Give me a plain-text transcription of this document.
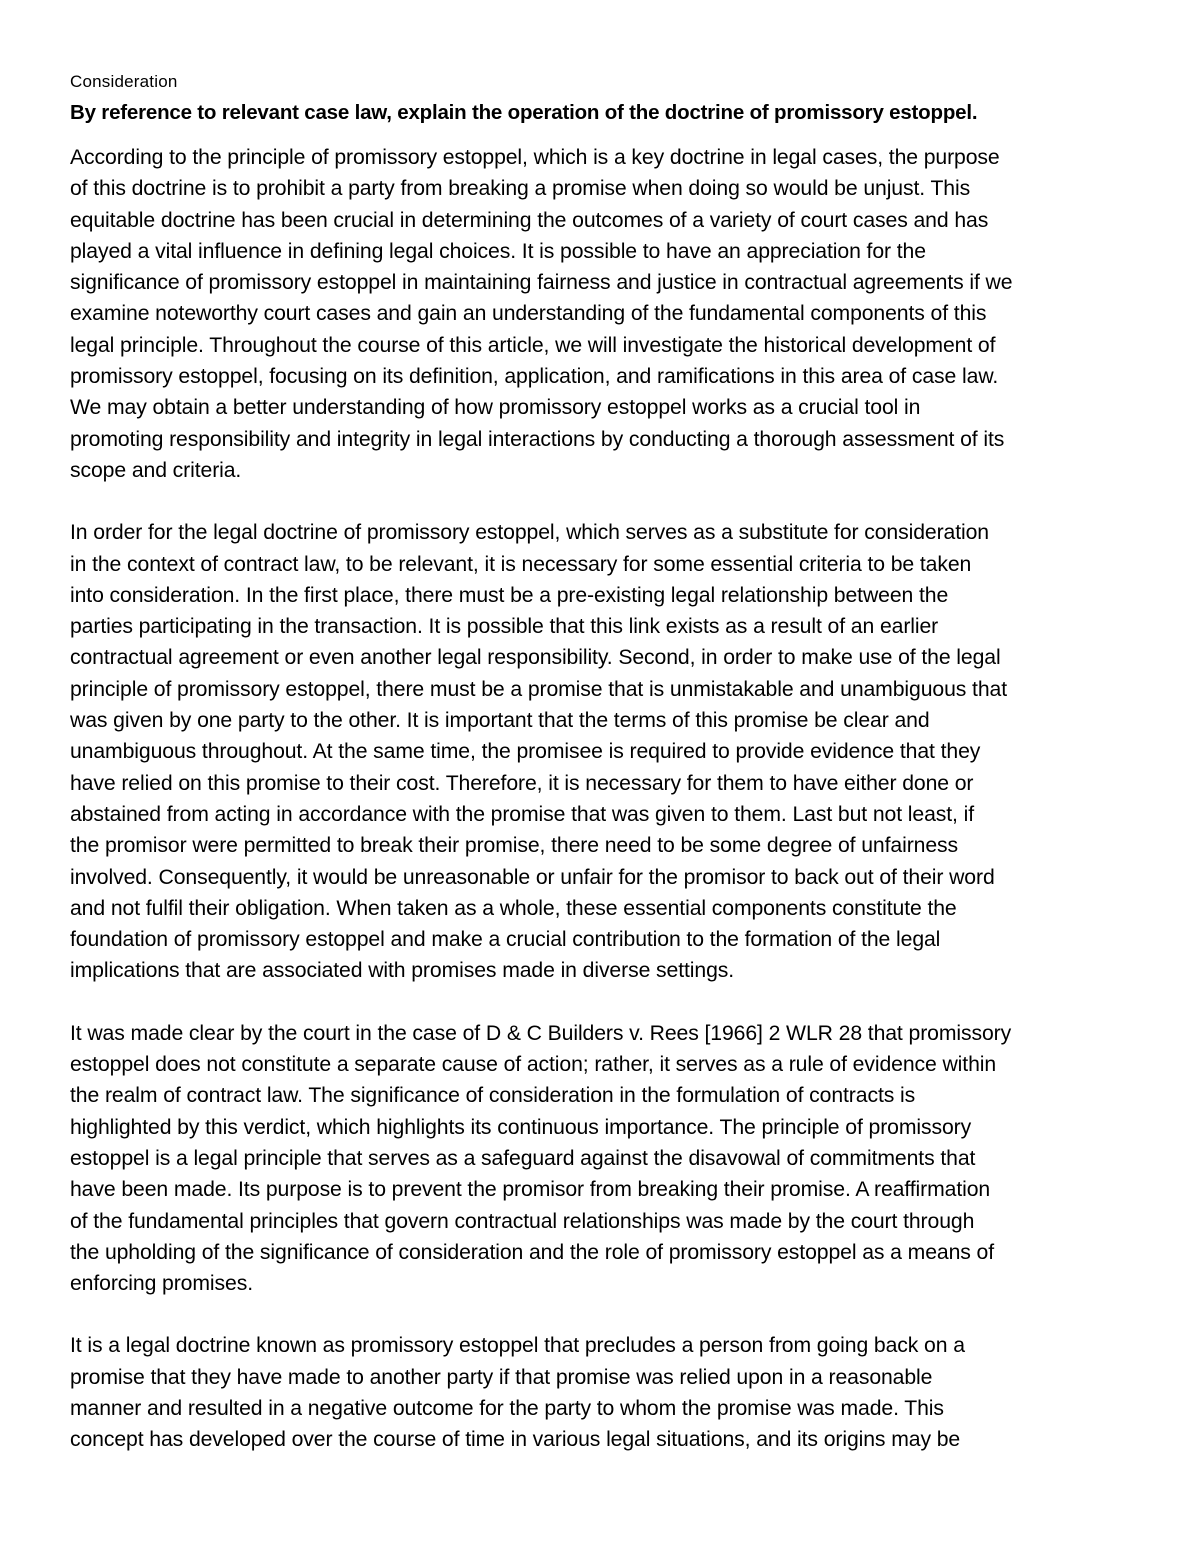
Consideration

By reference to relevant case law, explain the operation of the doctrine of promissory estoppel.

According to the principle of promissory estoppel, which is a key doctrine in legal cases, the purpose
of this doctrine is to prohibit a party from breaking a promise when doing so would be unjust. This
equitable doctrine has been crucial in determining the outcomes of a variety of court cases and has
played a vital influence in defining legal choices. It is possible to have an appreciation for the
significance of promissory estoppel in maintaining fairness and justice in contractual agreements if we
examine noteworthy court cases and gain an understanding of the fundamental components of this
legal principle. Throughout the course of this article, we will investigate the historical development of
promissory estoppel, focusing on its definition, application, and ramifications in this area of case law.
We may obtain a better understanding of how promissory estoppel works as a crucial tool in
promoting responsibility and integrity in legal interactions by conducting a thorough assessment of its
scope and criteria.

In order for the legal doctrine of promissory estoppel, which serves as a substitute for consideration
in the context of contract law, to be relevant, it is necessary for some essential criteria to be taken
into consideration. In the first place, there must be a pre-existing legal relationship between the
parties participating in the transaction. It is possible that this link exists as a result of an earlier
contractual agreement or even another legal responsibility. Second, in order to make use of the legal
principle of promissory estoppel, there must be a promise that is unmistakable and unambiguous that
was given by one party to the other. It is important that the terms of this promise be clear and
unambiguous throughout. At the same time, the promisee is required to provide evidence that they
have relied on this promise to their cost. Therefore, it is necessary for them to have either done or
abstained from acting in accordance with the promise that was given to them. Last but not least, if
the promisor were permitted to break their promise, there need to be some degree of unfairness
involved. Consequently, it would be unreasonable or unfair for the promisor to back out of their word
and not fulfil their obligation. When taken as a whole, these essential components constitute the
foundation of promissory estoppel and make a crucial contribution to the formation of the legal
implications that are associated with promises made in diverse settings.

It was made clear by the court in the case of D & C Builders v. Rees [1966] 2 WLR 28 that promissory
estoppel does not constitute a separate cause of action; rather, it serves as a rule of evidence within
the realm of contract law. The significance of consideration in the formulation of contracts is
highlighted by this verdict, which highlights its continuous importance. The principle of promissory
estoppel is a legal principle that serves as a safeguard against the disavowal of commitments that
have been made. Its purpose is to prevent the promisor from breaking their promise. A reaffirmation
of the fundamental principles that govern contractual relationships was made by the court through
the upholding of the significance of consideration and the role of promissory estoppel as a means of
enforcing promises.

It is a legal doctrine known as promissory estoppel that precludes a person from going back on a
promise that they have made to another party if that promise was relied upon in a reasonable
manner and resulted in a negative outcome for the party to whom the promise was made. This
concept has developed over the course of time in various legal situations, and its origins may be
